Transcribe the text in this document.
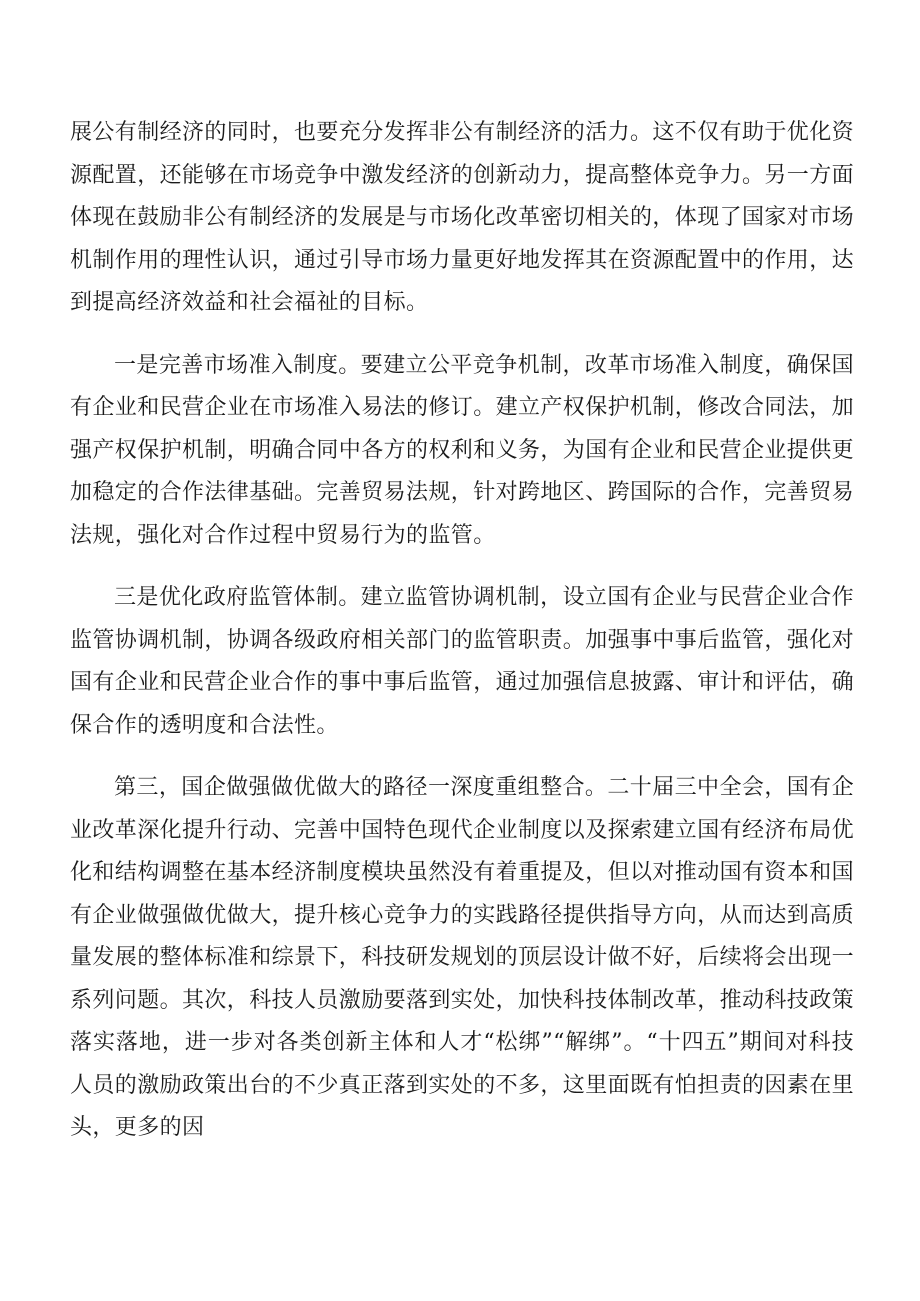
展公有制经济的同时，也要充分发挥非公有制经济的活力。这不仅有助于优化资源配置，还能够在市场竞争中激发经济的创新动力，提高整体竞争力。另一方面体现在鼓励非公有制经济的发展是与市场化改革密切相关的，体现了国家对市场机制作用的理性认识，通过引导市场力量更好地发挥其在资源配置中的作用，达到提高经济效益和社会福祉的目标。

一是完善市场准入制度。要建立公平竞争机制，改革市场准入制度，确保国有企业和民营企业在市场准入易法的修订。建立产权保护机制，修改合同法，加强产权保护机制，明确合同中各方的权利和义务，为国有企业和民营企业提供更加稳定的合作法律基础。完善贸易法规，针对跨地区、跨国际的合作，完善贸易法规，强化对合作过程中贸易行为的监管。

三是优化政府监管体制。建立监管协调机制，设立国有企业与民营企业合作监管协调机制，协调各级政府相关部门的监管职责。加强事中事后监管，强化对国有企业和民营企业合作的事中事后监管，通过加强信息披露、审计和评估，确保合作的透明度和合法性。

第三，国企做强做优做大的路径一深度重组整合。二十届三中全会，国有企业改革深化提升行动、完善中国特色现代企业制度以及探索建立国有经济布局优化和结构调整在基本经济制度模块虽然没有着重提及，但以对推动国有资本和国有企业做强做优做大，提升核心竞争力的实践路径提供指导方向，从而达到高质量发展的整体标准和综景下，科技研发规划的顶层设计做不好，后续将会出现一系列问题。其次，科技人员激励要落到实处，加快科技体制改革，推动科技政策落实落地，进一步对各类创新主体和人才“松绑”“解绑”。“十四五”期间对科技人员的激励政策出台的不少真正落到实处的不多，这里面既有怕担责的因素在里头，更多的因
